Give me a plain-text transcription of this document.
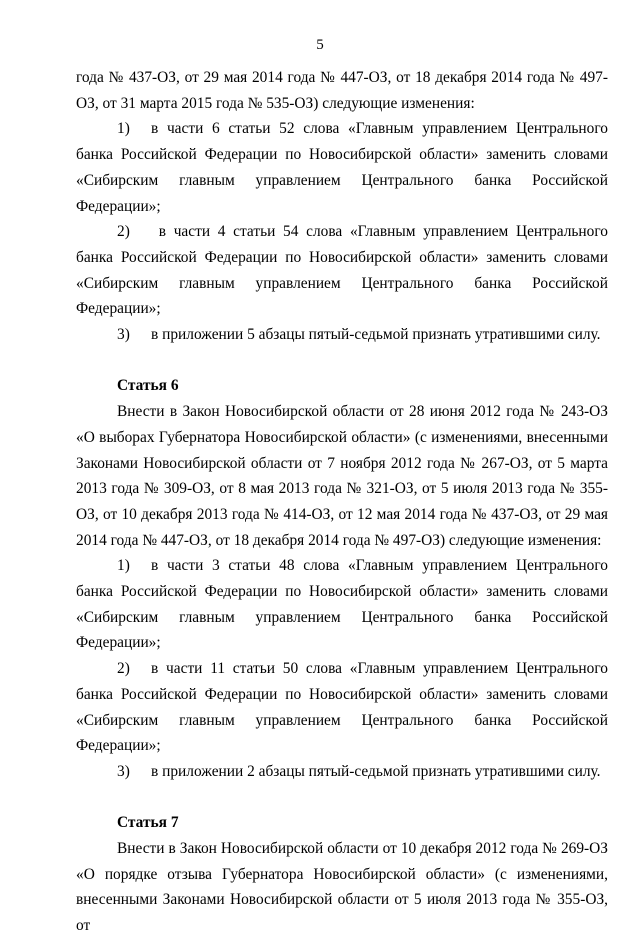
5

года № 437-ОЗ, от 29 мая 2014 года № 447-ОЗ, от 18 декабря 2014 года № 497-ОЗ, от 31 марта 2015 года № 535-ОЗ) следующие изменения:

1) в части 6 статьи 52 слова «Главным управлением Центрального банка Российской Федерации по Новосибирской области» заменить словами «Сибирским главным управлением Центрального банка Российской Федерации»;

2) в части 4 статьи 54 слова «Главным управлением Центрального банка Российской Федерации по Новосибирской области» заменить словами «Сибирским главным управлением Центрального банка Российской Федерации»;

3) в приложении 5 абзацы пятый-седьмой признать утратившими силу.

Статья 6

Внести в Закон Новосибирской области от 28 июня 2012 года № 243-ОЗ «О выборах Губернатора Новосибирской области» (с изменениями, внесенными Законами Новосибирской области от 7 ноября 2012 года № 267-ОЗ, от 5 марта 2013 года № 309-ОЗ, от 8 мая 2013 года № 321-ОЗ, от 5 июля 2013 года № 355-ОЗ, от 10 декабря 2013 года № 414-ОЗ, от 12 мая 2014 года № 437-ОЗ, от 29 мая 2014 года № 447-ОЗ, от 18 декабря 2014 года № 497-ОЗ) следующие изменения:

1) в части 3 статьи 48 слова «Главным управлением Центрального банка Российской Федерации по Новосибирской области» заменить словами «Сибирским главным управлением Центрального банка Российской Федерации»;

2) в части 11 статьи 50 слова «Главным управлением Центрального банка Российской Федерации по Новосибирской области» заменить словами «Сибирским главным управлением Центрального банка Российской Федерации»;

3) в приложении 2 абзацы пятый-седьмой признать утратившими силу.

Статья 7

Внести в Закон Новосибирской области от 10 декабря 2012 года № 269-ОЗ «О порядке отзыва Губернатора Новосибирской области» (с изменениями, внесенными Законами Новосибирской области от 5 июля 2013 года № 355-ОЗ, от
